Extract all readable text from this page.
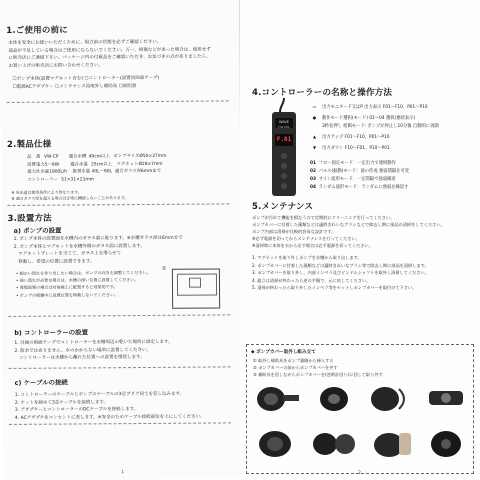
1.ご使用の前に
本体を安全にお使いいただくために、組立前の状態を必ずご確認ください。
部品が不足している場合はご使用にならないでください。万一、損傷などがあった場合は、使用せず
に販売店にご連絡下さい。パッケージ内の付属品をご確認いただき、お気づきの点がありましたら、
お買い上げの販売店にお問い合わせください。
☐ポンプ本体(設置マグネット含む) ☐コントローラー(設置用両面テープ)
☐電源ACアダプター ☐メンテナンス用取外し補助具 ☐説明書
2.製品仕様
品　番 VW-CP	適合水槽 40cm以上 ポンプサイズ Ø50×37mm
消費電力 5〜8W	適合水量 25cm以上	マグネット Ø28×7mm
最大吐出量 1800L/h	推奨水量 40L〜60L 適合ガラス厚 6mmまで
コントローラー 51×31×21mm
※ 吐出量は使用条件により異なります。
※ 適合ガラス厚を超える場合は正常に機能しないことがあります。
3.設置方法
a) ポンプの設置
1. ポンプ本体の設置面を水槽内のガラス面に貼ります。※水槽ガラス厚は6mmまで
2. ポンプ本体とマグネットを水槽外側のガラス面に設置します。
　マグネットプレートを当てて、ガラス上を滑らせて
　移動し、希望の位置に設置できます。
• 細かい流れを作り出したい場合は、ポンプの向きを調整してください。
• 強い流れが必要な場合は、水槽の深い位置に設置してください。
• 複数設置の場合は対角線上に配置すると効果的です。
• ポンプの稼働中に設置位置を移動しないでください。
①
b) コントローラーの設置
1. 付属の両面テープでコントローラーを水槽周辺の乾いた場所に固定します。
2. 防水ではありません。水のかからない場所に設置してください。
　コントローラーは水槽から離れた位置への設置を推奨します。
c) ケーブルの接続
1. コントローラーのケーブルとポンプのケーブルの3芯プラグ同士を差し込みます。
2. ナットを締めて3芯ケーブルを接続します。
3. アダプターとコントローラーのDCケーブルを接続します。
4. ACアダプタをコンセントに差します。※安全のためケーブル接続部位を上にしてください。
1
4.コントローラーの名称と操作方法
F.01
WAVE
F01 P01
▭	出力モニター F又はP 出力表示 F01〜F10、P01〜P10
●	動作モード選択(モード) 01〜04 選択(連続表示)
3秒長押し 給餌モード: ポンプが停止し10分後 自動的に再開
▲	出力アップ F01〜F10、P01〜P10
▼	出力ダウン F10〜F01、P10〜P01
01 フロー固定モード：一定出力で連続動作
02 パルス(振動)モード：波の作成 強弱間隔を可変
03 サイン波形モード：一定間隔で強弱繰返
04 ランダム波形モード：ランダムに強弱を繰返す
5.メンテナンス
ポンプが汚れて機能を損なうので定期的にクリーニングを行ってください。
ポンプカバーに付着した藻類などは適時きれいなブラシなどで除去し期に部品の清掃をしてください。
ポンプ内部は清掃が比較的容易な設計です。
※必ず電源を切ってからメンテナンスを行ってください。
※清掃時に本体を水から出す場合は必ず電源を切ってください。
1. マグネットを取り外しポンプを水槽から取り出します。
2. ポンプカバーに付着した藻類などは適時きれいなブラシ等で除去し期に部品を清掃します。
3. ポンプカバーを取り外し、内部インペラ及びピンドルシャフトを取外し清掃してください。
4. 組立は清掃が終わったら逆の手順で、元に戻してください。
5. 清掃が終わったら取り外したインペラ等をセットしポンプカバーを取付けて下さい。
◆ ポンプカバー取外し組み立て
① 取外し補助具をポンプ裏側から挿入する
② ポンプカバーの前からポンプカバーを外す
③ 補助具を回しながらポンプカバーを(逆時計回り)に回して取り外す
2
